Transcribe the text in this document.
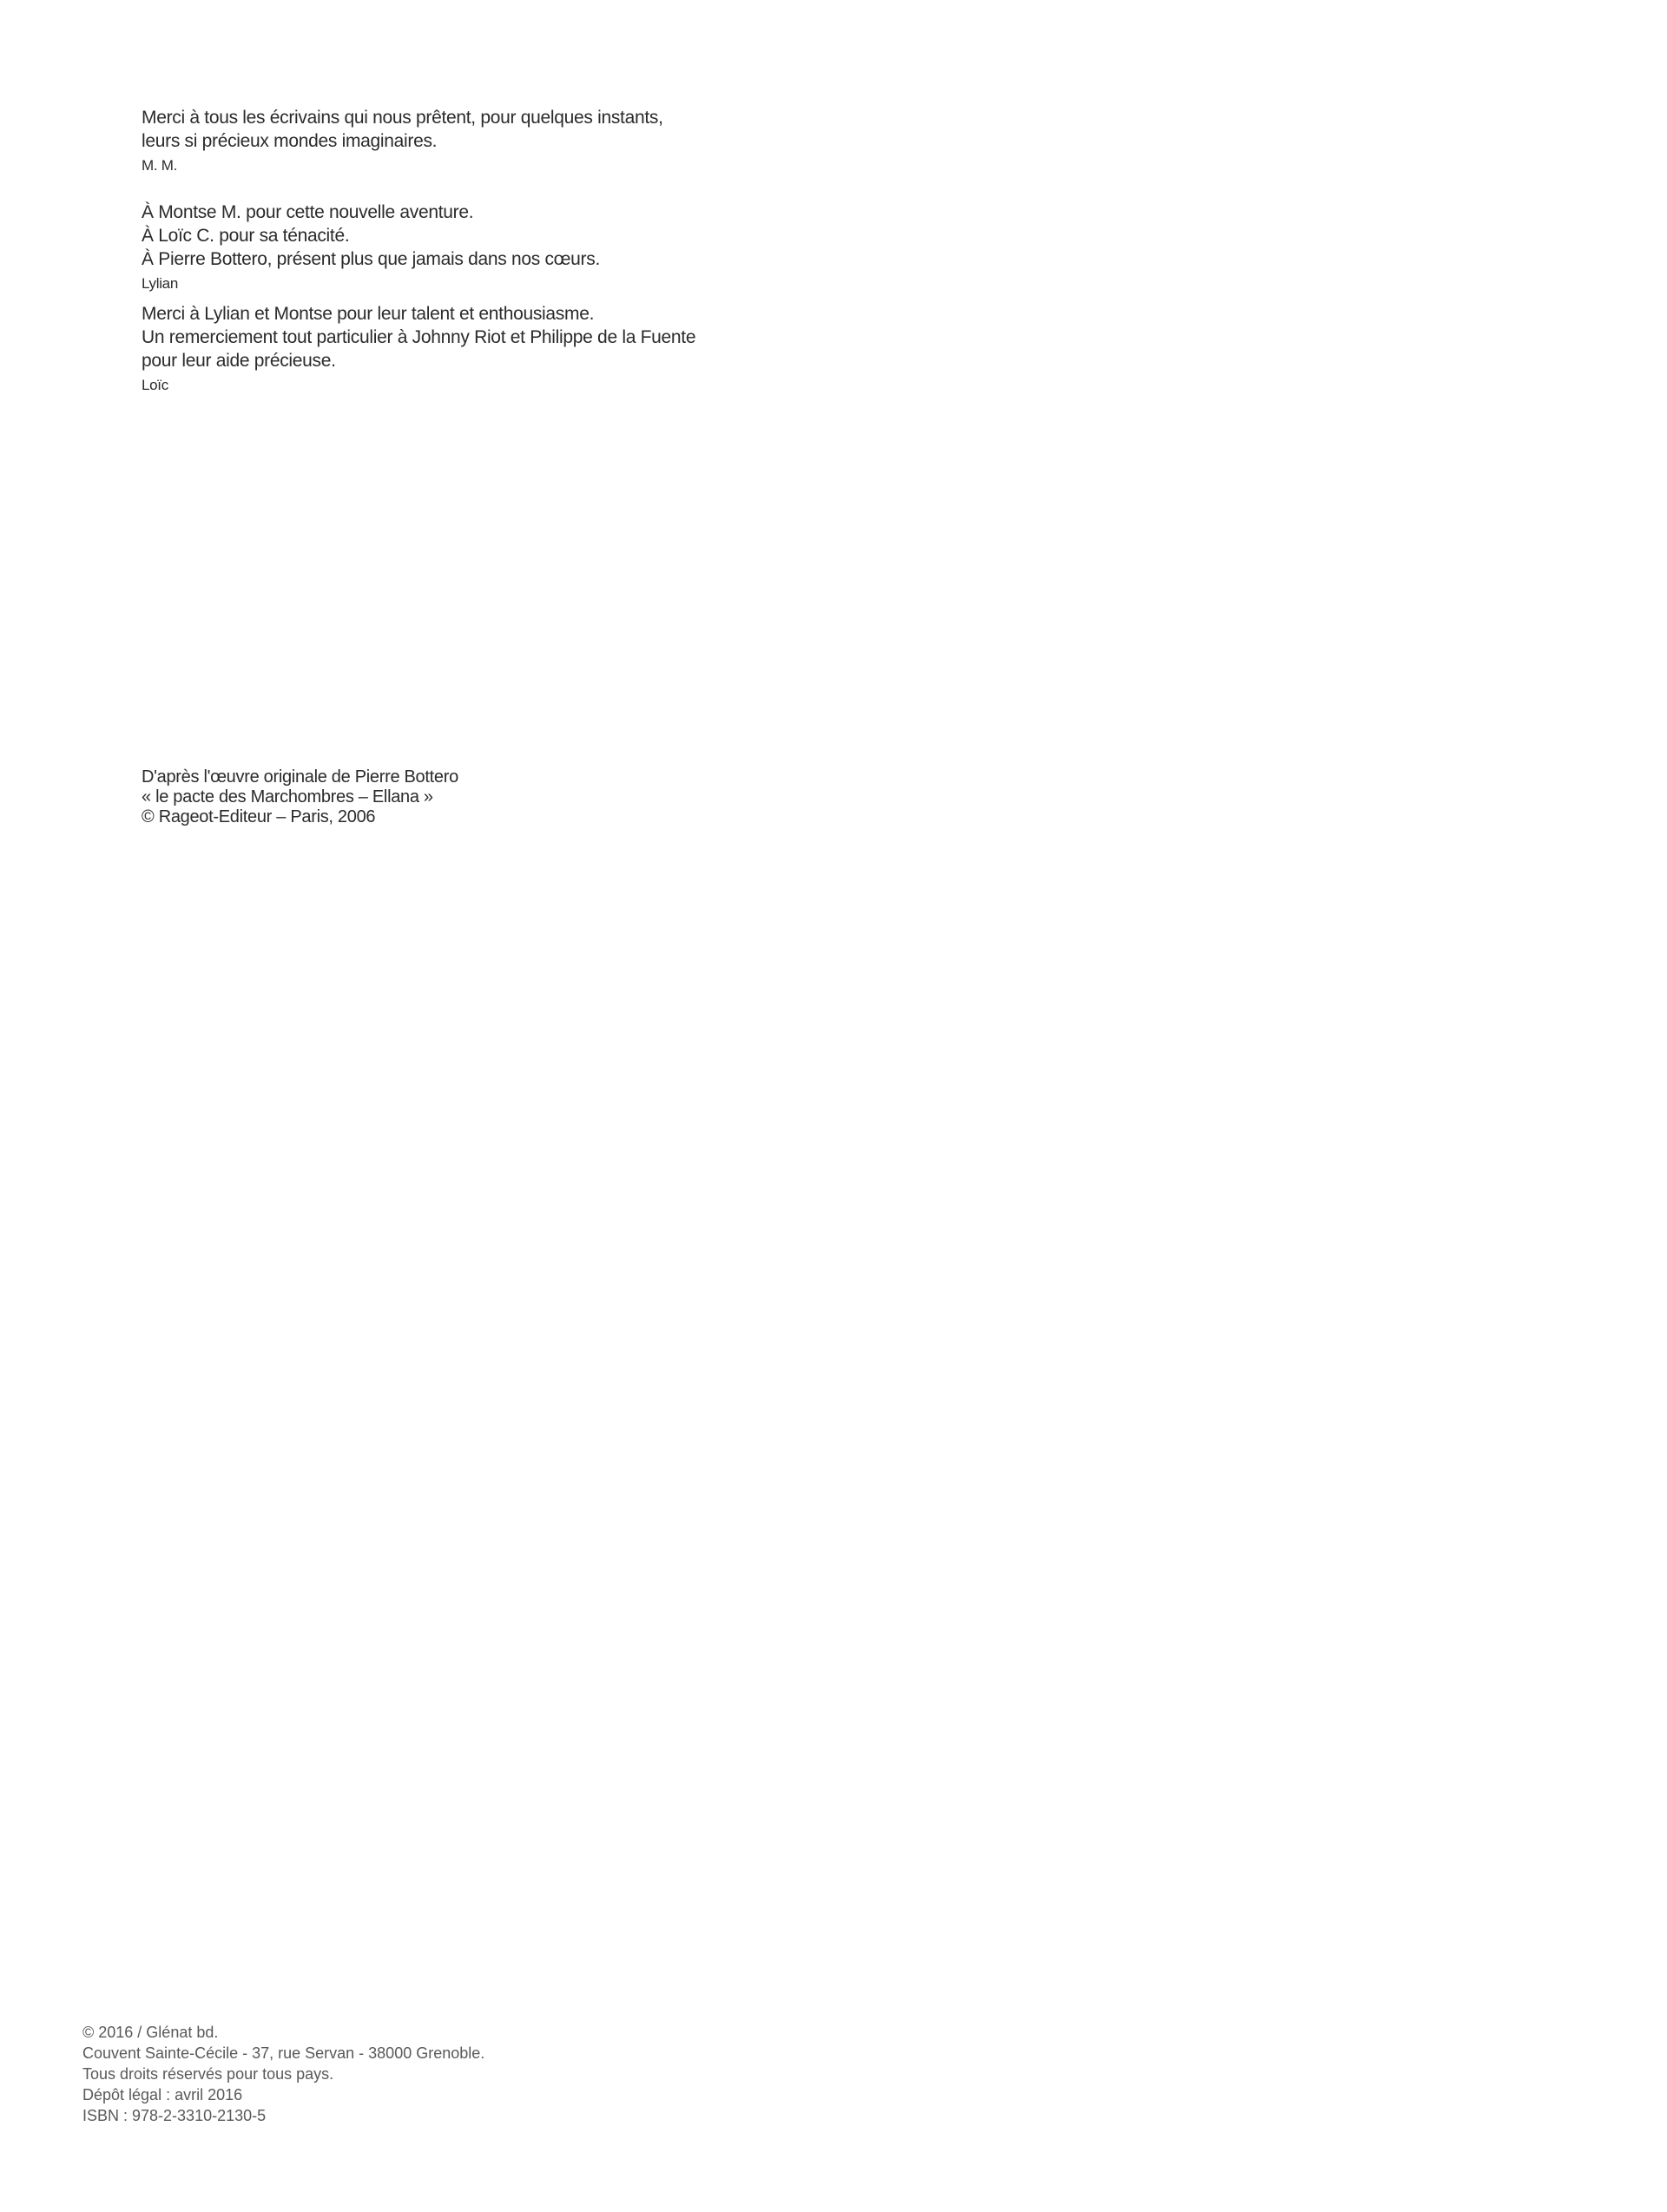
Merci à tous les écrivains qui nous prêtent, pour quelques instants,

leurs si précieux mondes imaginaires.

M. M.

À Montse M. pour cette nouvelle aventure.

À Loïc C. pour sa ténacité.

À Pierre Bottero, présent plus que jamais dans nos cœurs.

Lylian

Merci à Lylian et Montse pour leur talent et enthousiasme.

Un remerciement tout particulier à Johnny Riot et Philippe de la Fuente

pour leur aide précieuse.

Loïc

D'après l'œuvre originale de Pierre Bottero

« le pacte des Marchombres – Ellana »

© Rageot-Editeur – Paris, 2006

© 2016 / Glénat bd.

Couvent Sainte-Cécile - 37, rue Servan - 38000 Grenoble.

Tous droits réservés pour tous pays.

Dépôt légal : avril 2016

ISBN : 978-2-3310-2130-5
